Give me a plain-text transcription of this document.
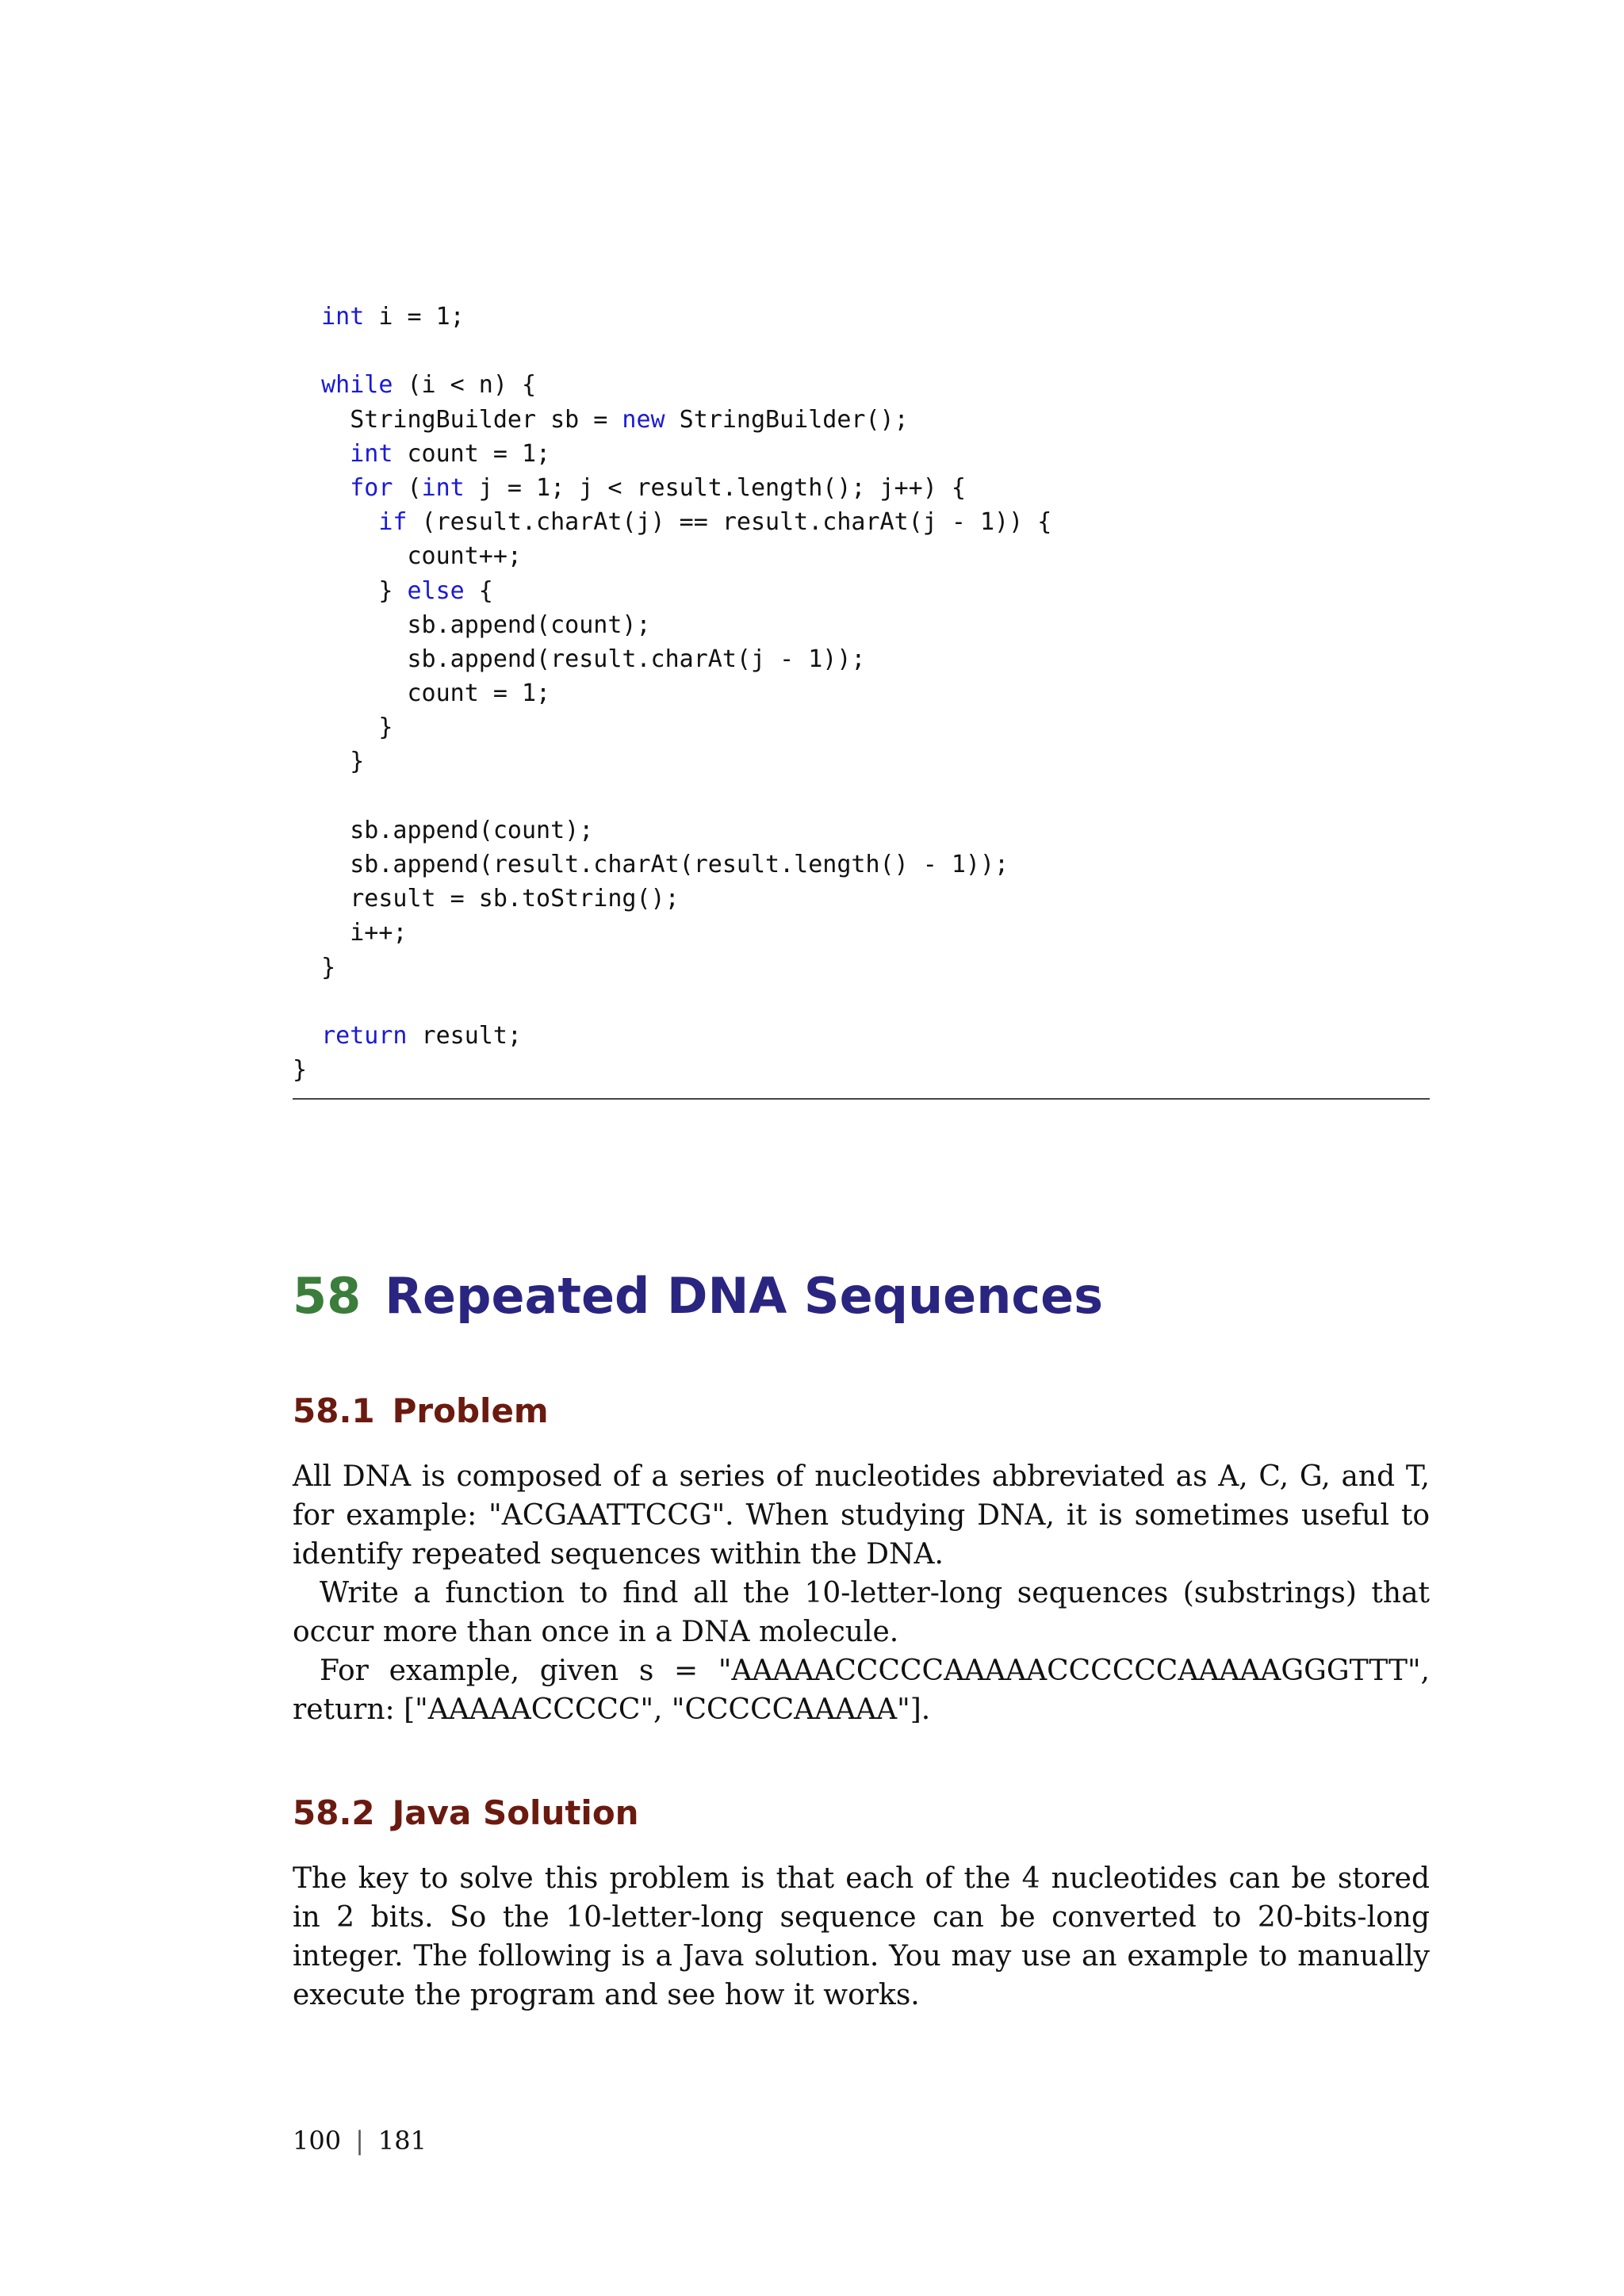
int i = 1;
while (i < n) {
StringBuilder sb = new StringBuilder();
int count = 1;
for (int j = 1; j < result.length(); j++) {
if (result.charAt(j) == result.charAt(j - 1)) {
count++;
} else {
sb.append(count);
sb.append(result.charAt(j - 1));
count = 1;
}
}
sb.append(count);
sb.append(result.charAt(result.length() - 1));
result = sb.toString();
i++;
}
return result;
}
58 Repeated DNA Sequences
58.1 Problem

All DNA is composed of a series of nucleotides abbreviated as A, C, G, and T, for example: "ACGAATTCCG". When studying DNA, it is sometimes useful to identify repeated sequences within the DNA.

Write a function to find all the 10-letter-long sequences (substrings) that occur more than once in a DNA molecule.

For example, given s = "AAAAACCCCCAAAAACCCCCCAAAAAGGGTTT", return: ["AAAAACCCCC", "CCCCCAAAAA"].

58.2 Java Solution

The key to solve this problem is that each of the 4 nucleotides can be stored in 2 bits. So the 10-letter-long sequence can be converted to 20-bits-long integer. The following is a Java solution. You may use an example to manually execute the program and see how it works.

100 | 181
